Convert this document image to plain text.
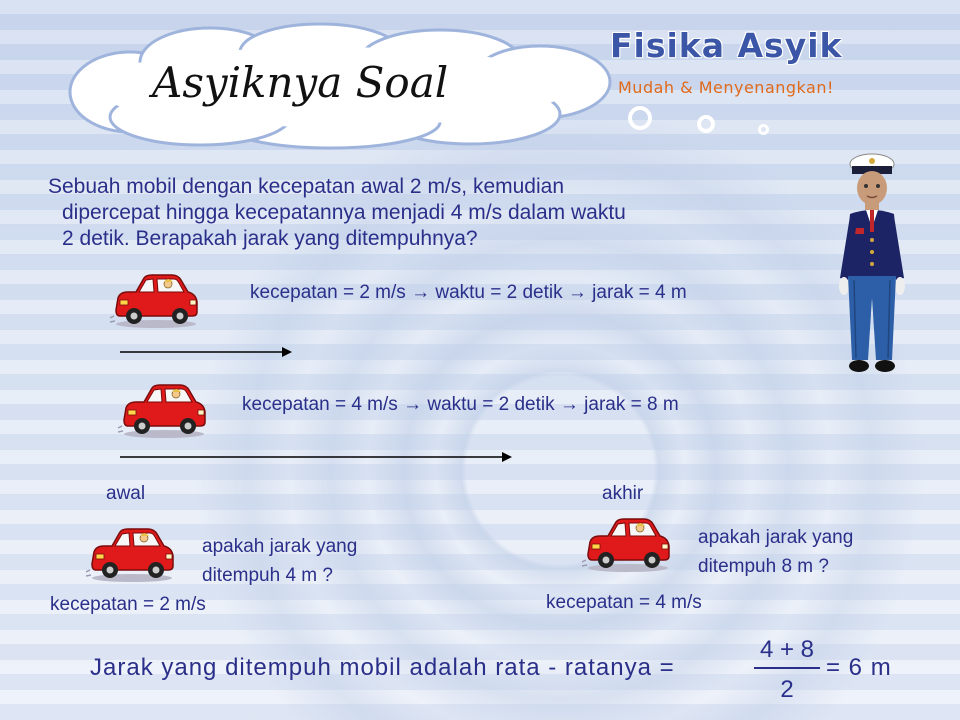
Asyiknya Soal
Fisika Asyik
Mudah & Menyenangkan!
Sebuah mobil dengan kecepatan awal 2 m/s, kemudian
dipercepat hingga kecepatannya menjadi 4 m/s dalam waktu
2 detik. Berapakah jarak yang ditempuhnya?
kecepatan = 2 m/s → waktu = 2 detik → jarak = 4 m
kecepatan = 4 m/s → waktu = 2 detik → jarak = 8 m
awal	akhir
apakah jarak yang
ditempuh 4 m ?
kecepatan = 2 m/s
apakah jarak yang
ditempuh 8 m ?
kecepatan = 4 m/s
Jarak yang ditempuh mobil adalah rata - ratanya =
4 + 8
2
= 6 m
